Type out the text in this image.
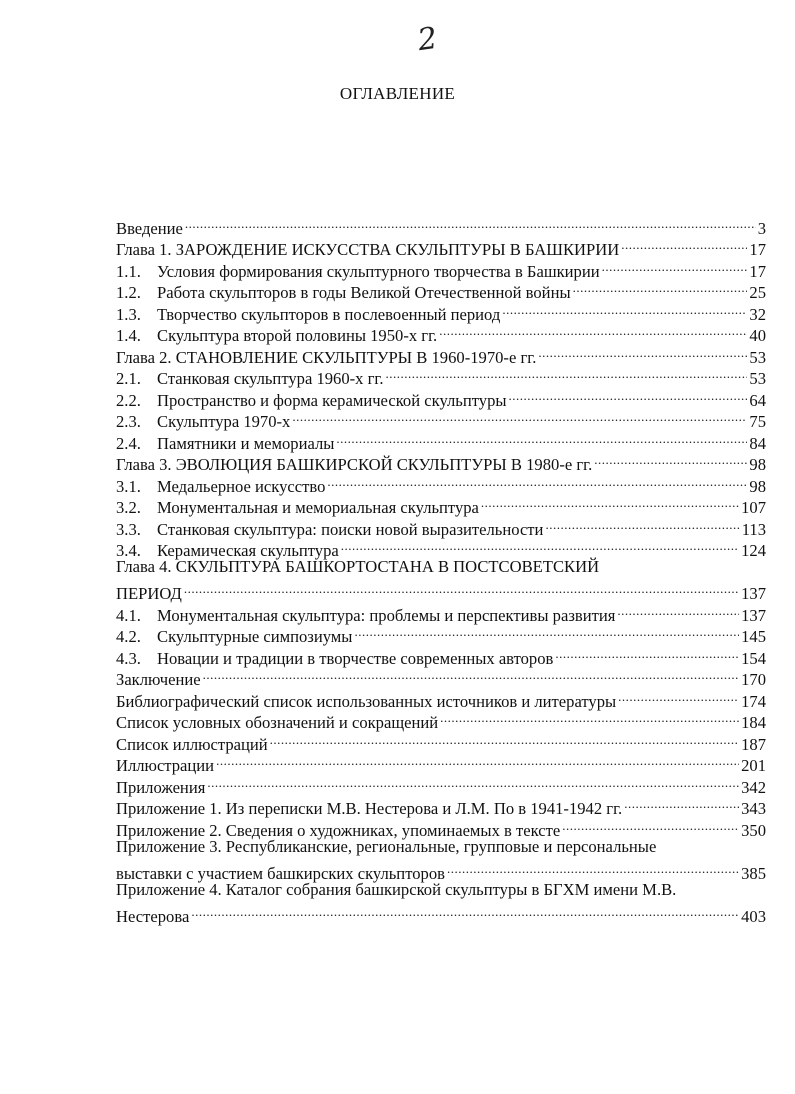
2
ОГЛАВЛЕНИЕ
Введение .....	3
Глава 1. ЗАРОЖДЕНИЕ ИСКУССТВА СКУЛЬПТУРЫ В БАШКИРИИ .....	17
1.1. Условия формирования скульптурного творчества в Башкирии .....	17
1.2. Работа скульпторов в годы Великой Отечественной войны .....	25
1.3. Творчество скульпторов в послевоенный период .....	32
1.4. Скульптура второй половины 1950-х гг. .....	40
Глава 2. СТАНОВЛЕНИЕ СКУЛЬПТУРЫ В 1960-1970-е гг. .....	53
2.1. Станковая скульптура 1960-х гг. .....	53
2.2. Пространство и форма керамической скульптуры .....	64
2.3. Скульптура 1970-х .....	75
2.4. Памятники и мемориалы .....	84
Глава 3. ЭВОЛЮЦИЯ БАШКИРСКОЙ СКУЛЬПТУРЫ В 1980-е гг. .....	98
3.1. Медальерное искусство .....	98
3.2. Монументальная и мемориальная скульптура .....	107
3.3. Станковая скульптура: поиски новой выразительности .....	113
3.4. Керамическая скульптура .....	124
Глава 4. СКУЛЬПТУРА БАШКОРТОСТАНА В ПОСТСОВЕТСКИЙ
ПЕРИОД .....	137
4.1. Монументальная скульптура: проблемы и перспективы развития .....	137
4.2. Скульптурные симпозиумы .....	145
4.3. Новации и традиции в творчестве современных авторов .....	154
Заключение .....	170
Библиографический список использованных источников и литературы .....	174
Список условных обозначений и сокращений .....	184
Список иллюстраций .....	187
Иллюстрации .....	201
Приложения .....	342
Приложение 1. Из переписки М.В. Нестерова и Л.М. По в 1941-1942 гг. .....	343
Приложение 2. Сведения о художниках, упоминаемых в тексте .....	350
Приложение 3. Республиканские, региональные, групповые и персональные
выставки с участием башкирских скульпторов .....	385
Приложение 4. Каталог собрания башкирской скульптуры в БГХМ имени М.В.
Нестерова .....	403
